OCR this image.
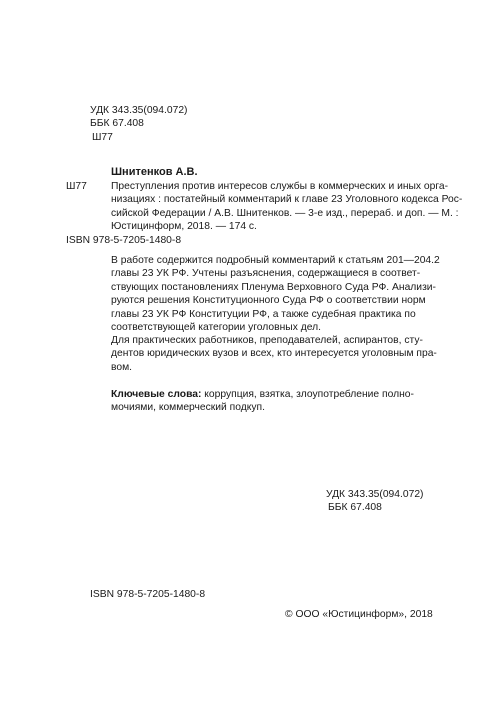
УДК 343.35(094.072)
ББК 67.408
Ш77
Шнитенков А.В.
Ш77 Преступления против интересов службы в коммерческих и иных орга-
низациях : постатейный комментарий к главе 23 Уголовного кодекса Рос-
сийской Федерации / А.В. Шнитенков. — 3-е изд., перераб. и доп. — М. :
Юстицинформ, 2018. — 174 с.
ISBN 978-5-7205-1480-8
В работе содержится подробный комментарий к статьям 201—204.2
главы 23 УК РФ. Учтены разъяснения, содержащиеся в соответ-
ствующих постановлениях Пленума Верховного Суда РФ. Анализи-
руются решения Конституционного Суда РФ о соответствии норм
главы 23 УК РФ Конституции РФ, а также судебная практика по
соответствующей категории уголовных дел.
Для практических работников, преподавателей, аспирантов, сту-
дентов юридических вузов и всех, кто интересуется уголовным пра-
вом.
Ключевые слова: коррупция, взятка, злоупотребление полно-
мочиями, коммерческий подкуп.
УДК 343.35(094.072)
ББК 67.408
ISBN 978-5-7205-1480-8
© ООО «Юстицинформ», 2018
